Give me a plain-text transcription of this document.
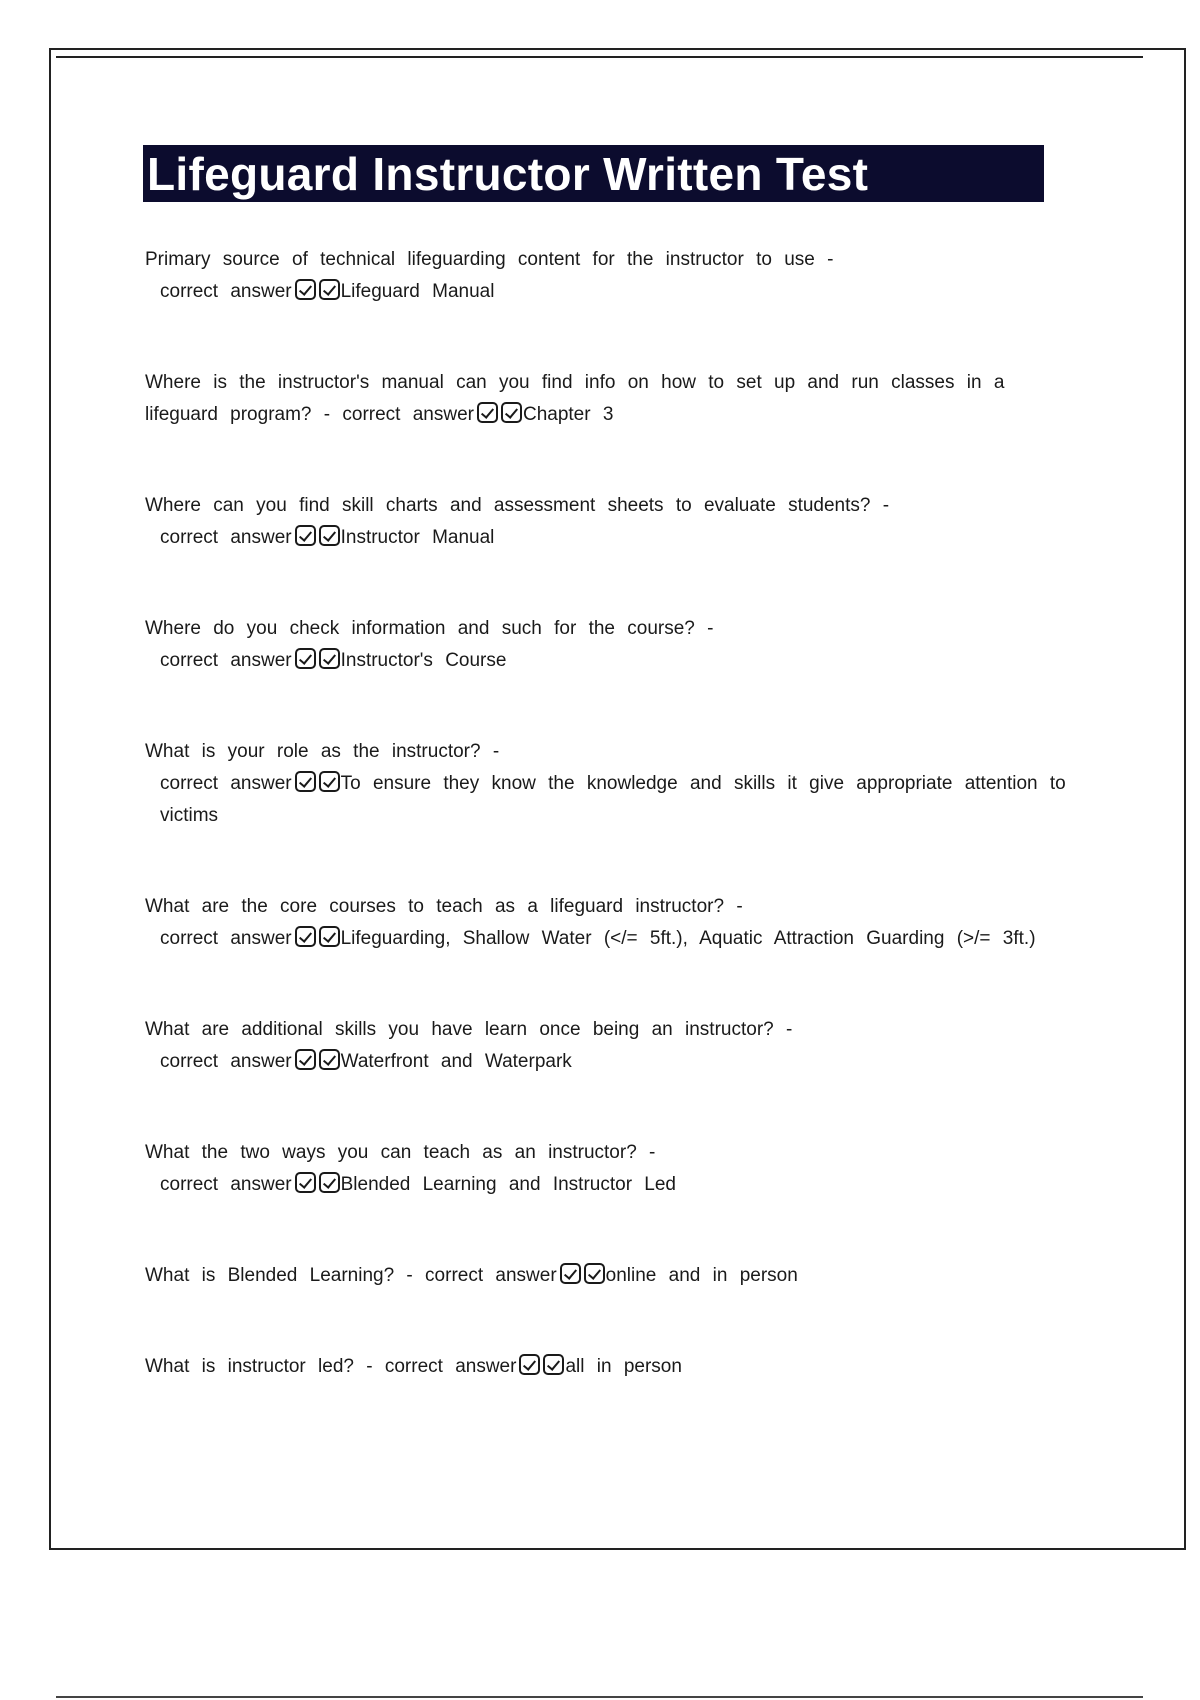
Lifeguard Instructor Written Test
Primary source of technical lifeguarding content for the instructor to use -
correct answer	Lifeguard Manual
Where is the instructor's manual can you find info on how to set up and run classes in a lifeguard program? - correct answer	Chapter 3
Where can you find skill charts and assessment sheets to evaluate students? -
correct answer	Instructor Manual
Where do you check information and such for the course? -
correct answer	Instructor's Course
What is your role as the instructor? -
correct answer	To ensure they know the knowledge and skills it give appropriate attention to victims
What are the core courses to teach as a lifeguard instructor? -
correct answer	Lifeguarding, Shallow Water (</= 5ft.), Aquatic Attraction Guarding (>/= 3ft.)
What are additional skills you have learn once being an instructor? -
correct answer	Waterfront and Waterpark
What the two ways you can teach as an instructor? -
correct answer	Blended Learning and Instructor Led
What is Blended Learning? - correct answer	online and in person
What is instructor led? - correct answer	all in person
